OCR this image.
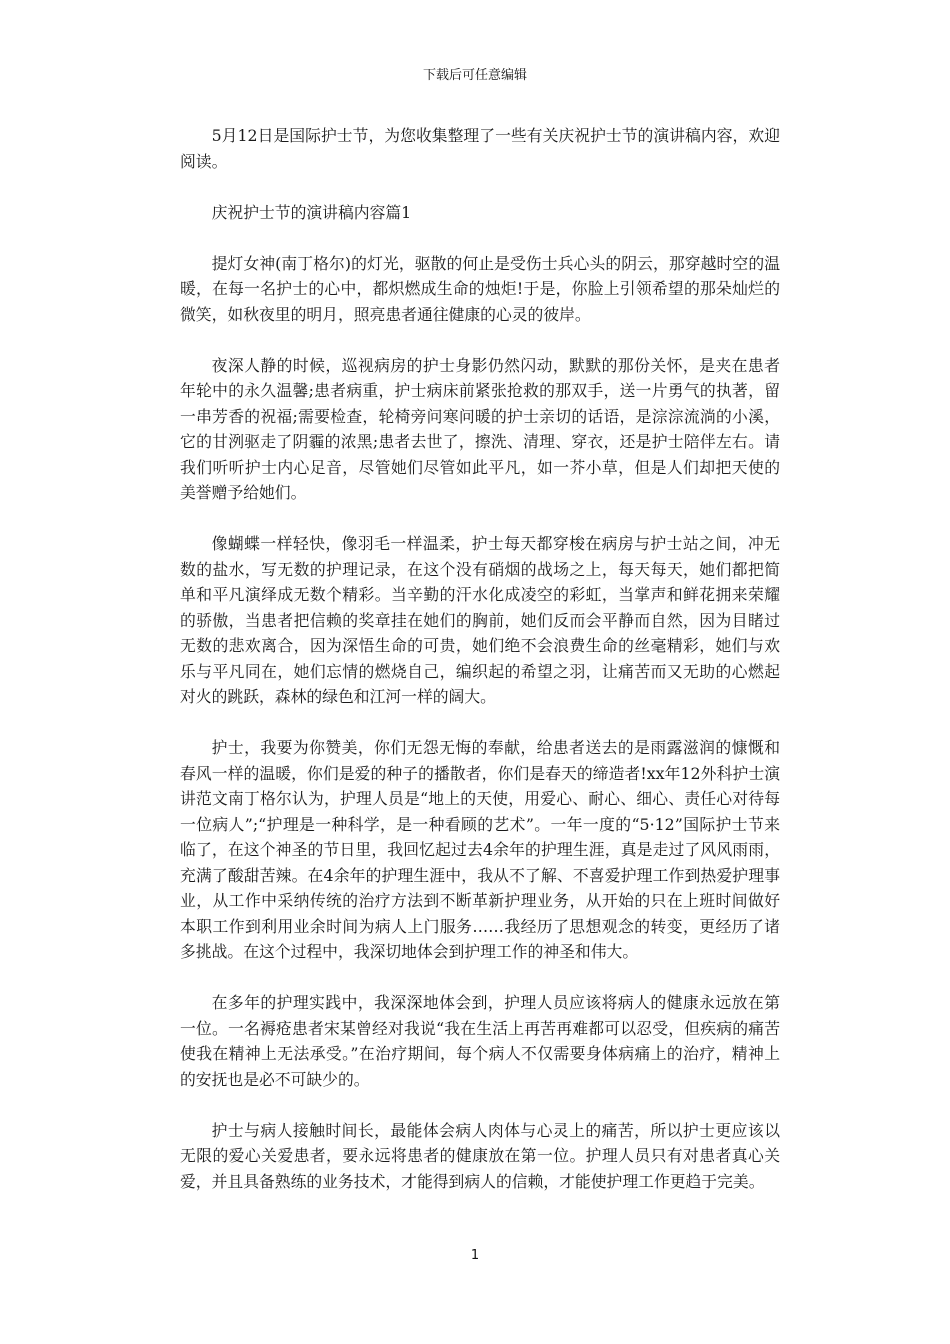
下载后可任意编辑

5月12日是国际护士节，为您收集整理了一些有关庆祝护士节的演讲稿内容，欢迎阅读。

庆祝护士节的演讲稿内容篇1

提灯女神(南丁格尔)的灯光，驱散的何止是受伤士兵心头的阴云，那穿越时空的温暖，在每一名护士的心中，都炽燃成生命的烛炬!于是，你脸上引领希望的那朵灿烂的微笑，如秋夜里的明月，照亮患者通往健康的心灵的彼岸。

夜深人静的时候，巡视病房的护士身影仍然闪动，默默的那份关怀，是夹在患者年轮中的永久温馨;患者病重，护士病床前紧张抢救的那双手，送一片勇气的执著，留一串芳香的祝福;需要检查，轮椅旁问寒问暖的护士亲切的话语，是淙淙流淌的小溪，它的甘洌驱走了阴霾的浓黑;患者去世了，擦洗、清理、穿衣，还是护士陪伴左右。请我们听听护士内心足音，尽管她们尽管如此平凡，如一芥小草，但是人们却把天使的美誉赠予给她们。

像蝴蝶一样轻快，像羽毛一样温柔，护士每天都穿梭在病房与护士站之间，冲无数的盐水，写无数的护理记录，在这个没有硝烟的战场之上，每天每天，她们都把简单和平凡演绎成无数个精彩。当辛勤的汗水化成凌空的彩虹，当掌声和鲜花拥来荣耀的骄傲，当患者把信赖的奖章挂在她们的胸前，她们反而会平静而自然，因为目睹过无数的悲欢离合，因为深悟生命的可贵，她们绝不会浪费生命的丝毫精彩，她们与欢乐与平凡同在，她们忘情的燃烧自己，编织起的希望之羽，让痛苦而又无助的心燃起对火的跳跃，森林的绿色和江河一样的阔大。

护士，我要为你赞美，你们无怨无悔的奉献，给患者送去的是雨露滋润的慷慨和春风一样的温暖，你们是爱的种子的播散者，你们是春天的缔造者!xx年12外科护士演讲范文南丁格尔认为，护理人员是“地上的天使，用爱心、耐心、细心、责任心对待每一位病人”;“护理是一种科学，是一种看顾的艺术”。一年一度的“5·12”国际护士节来临了，在这个神圣的节日里，我回忆起过去4余年的护理生涯，真是走过了风风雨雨，充满了酸甜苦辣。在4余年的护理生涯中，我从不了解、不喜爱护理工作到热爱护理事业，从工作中采纳传统的治疗方法到不断革新护理业务，从开始的只在上班时间做好本职工作到利用业余时间为病人上门服务……我经历了思想观念的转变，更经历了诸多挑战。在这个过程中，我深切地体会到护理工作的神圣和伟大。

在多年的护理实践中，我深深地体会到，护理人员应该将病人的健康永远放在第一位。一名褥疮患者宋某曾经对我说“我在生活上再苦再难都可以忍受，但疾病的痛苦使我在精神上无法承受。”在治疗期间，每个病人不仅需要身体病痛上的治疗，精神上的安抚也是必不可缺少的。

护士与病人接触时间长，最能体会病人肉体与心灵上的痛苦，所以护士更应该以无限的爱心关爱患者，要永远将患者的健康放在第一位。护理人员只有对患者真心关爱，并且具备熟练的业务技术，才能得到病人的信赖，才能使护理工作更趋于完美。

1
